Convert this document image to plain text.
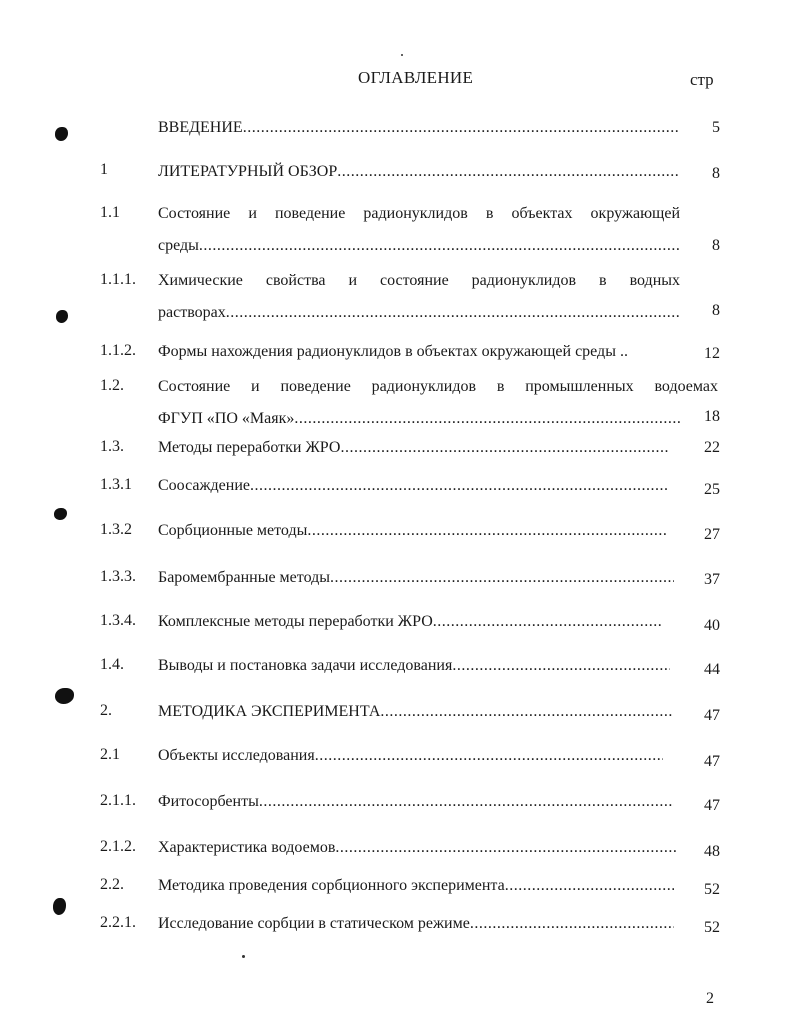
ОГЛАВЛЕНИЕ	стр
ВВЕДЕНИЕ .....	5
1	ЛИТЕРАТУРНЫЙ ОБЗОР .....	8
1.1 Состояние и поведение радионуклидов в объектах окружающей
среды .....	8
1.1.1. Химические свойства и состояние радионуклидов в водных
растворах .....	8
1.1.2. Формы нахождения радионуклидов в объектах окружающей среды ..	12
1.2. Состояние и поведение радионуклидов в промышленных водоемах
ФГУП «ПО «Маяк» .....	18
1.3. Методы переработки ЖРО .....	22
1.3.1 Соосаждение .....	25
1.3.2 Сорбционные методы .....	27
1.3.3. Баромембранные методы .....	37
1.3.4. Комплексные методы переработки ЖРО .....	40
1.4. Выводы и постановка задачи исследования .....	44
2.	МЕТОДИКА ЭКСПЕРИМЕНТА .....	47
2.1 Объекты исследования .....	47
2.1.1. Фитосорбенты .....	47
2.1.2. Характеристика водоемов .....	48
2.2. Методика проведения сорбционного эксперимента .....	52
2.2.1. Исследование сорбции в статическом режиме .....	52
2
